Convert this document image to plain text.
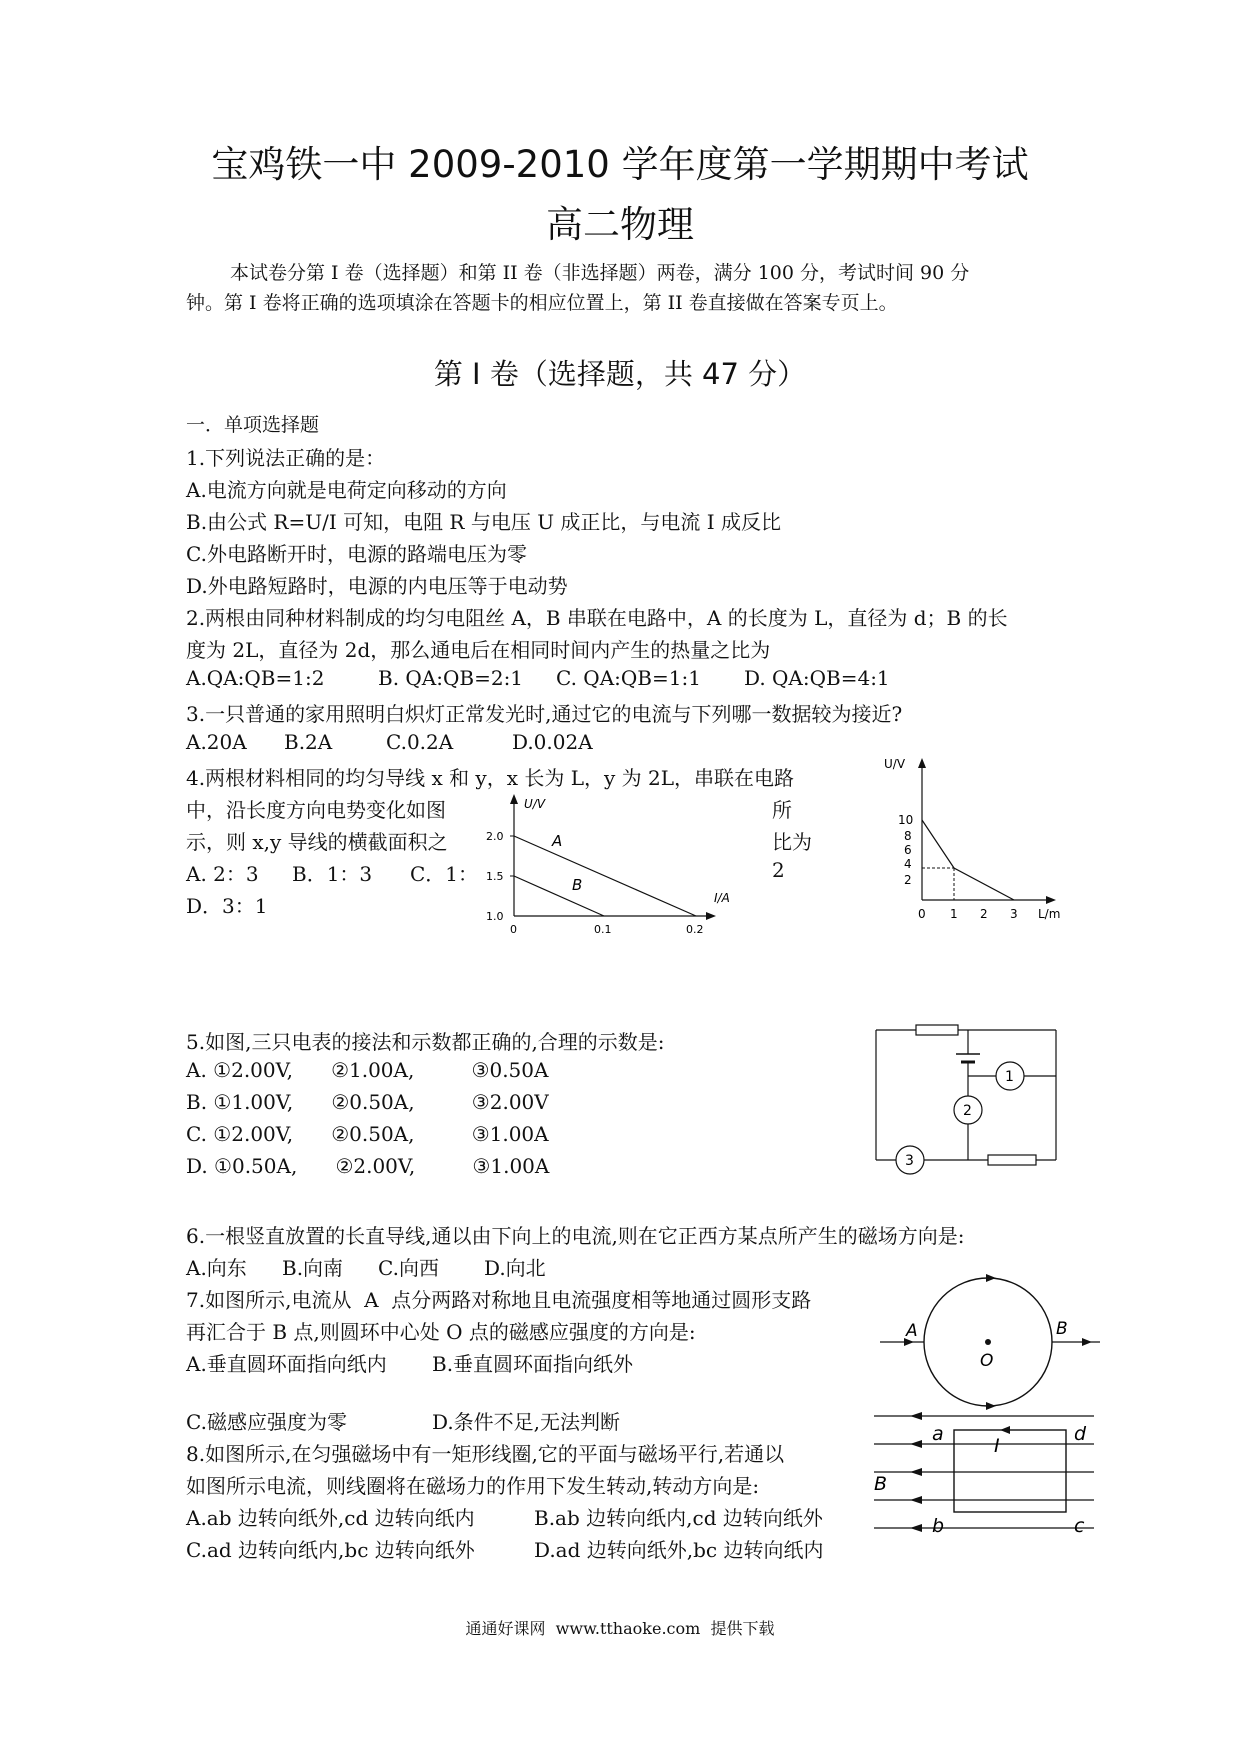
宝鸡铁一中 2009-2010 学年度第一学期期中考试
高二物理
本试卷分第 I 卷（选择题）和第 II 卷（非选择题）两卷，满分 100 分，考试时间 90 分
钟。第 I 卷将正确的选项填涂在答题卡的相应位置上，第 II 卷直接做在答案专页上。
第 I 卷（选择题，共 47 分）
一．单项选择题
1.下列说法正确的是：
A.电流方向就是电荷定向移动的方向
B.由公式 R=U/I 可知，电阻 R 与电压 U 成正比，与电流 I 成反比
C.外电路断开时，电源的路端电压为零
D.外电路短路时，电源的内电压等于电动势
2.两根由同种材料制成的均匀电阻丝 A，B 串联在电路中，A 的长度为 L，直径为 d；B 的长
度为 2L，直径为 2d，那么通电后在相同时间内产生的热量之比为
A.QA:QB=1:2	B. QA:QB=2:1 C. QA:QB=1:1 D. QA:QB=4:1
3.一只普通的家用照明白炽灯正常发光时,通过它的电流与下列哪一数据较为接近?
A.20A B.2A	C.0.2A	D.0.02A
4.两根材料相同的均匀导线 x 和 y，x 长为 L，y 为 2L，串联在电路
中，沿长度方向电势变化如图	所
示，则 x,y 导线的横截面积之	比为
A. 2：3 B．1：3 C．1：	2
D．3：1
U/V
2.0
1.5
1.0
0	0.1	0.2
I/A
A
B
U/V
10
8
6
4
2
0 1 2 3 L/m
5.如图,三只电表的接法和示数都正确的,合理的示数是:
A. ①2.00V,      ②1.00A,         ③0.50A
B. ①1.00V,      ②0.50A,         ③2.00V
C. ①2.00V,      ②0.50A,         ③1.00A
D. ①0.50A,      ②2.00V,         ③1.00A	3
1
2
6.一根竖直放置的长直导线,通以由下向上的电流,则在它正西方某点所产生的磁场方向是:
A.向东 B.向南 C.向西 D.向北
7.如图所示,电流从  A  点分两路对称地且电流强度相等地通过圆形支路
再汇合于 B 点,则圆环中心处 O 点的磁感应强度的方向是:
A.垂直圆环面指向纸内 B.垂直圆环面指向纸外
C.磁感应强度为零	D.条件不足,无法判断
A	B
O
8.如图所示,在匀强磁场中有一矩形线圈,它的平面与磁场平行,若通以
如图所示电流，则线圈将在磁场力的作用下发生转动,转动方向是:
A.ab 边转向纸外,cd 边转向纸内	B.ab 边转向纸内,cd 边转向纸外
C.ad 边转向纸内,bc 边转向纸外	D.ad 边转向纸外,bc 边转向纸内
a	d
b	c
I
B
通通好课网  www.tthaoke.com  提供下载
